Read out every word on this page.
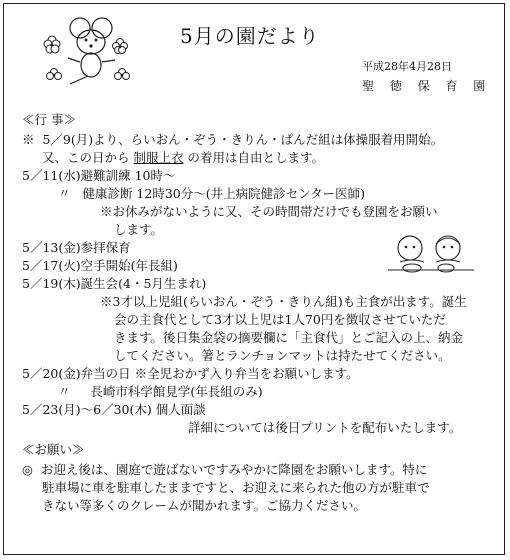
5月の園だより
平成28年4月28日
聖 徳 保 育 園
≪行 事≫
※ 5／9(月)より、らいおん・ぞう・きりん・ぱんだ組は体操服着用開始。
又、この日から 制服上衣 の着用は自由とします。
5／11(水)避難訓練 10時～
〃 健康診断 12時30分～(井上病院健診センター医師)
※お休みがないように又、その時間帯だけでも登園をお願い
します。
5／13(金)参拝保育
5／17(火)空手開始(年長組)
5／19(木)誕生会(4・5月生まれ)
※3才以上児組(らいおん・ぞう・きりん組)も主食が出ます。誕生
会の主食代として3才以上児は1人70円を徴収させていただ
きます。後日集金袋の摘要欄に「主食代」とご記入の上、納金
してください。箸とランチョンマットは持たせてください。
5／20(金)弁当の日 ※全児おかず入り弁当をお願いします。
〃 長崎市科学館見学(年長組のみ)
5／23(月)～6／30(木) 個人面談
詳細については後日プリントを配布いたします。
≪お願い≫
◎ お迎え後は、園庭で遊ばないですみやかに降園をお願いします。特に
駐車場に車を駐車したままですと、お迎えに来られた他の方が駐車で
きない等多くのクレームが聞かれます。ご協力ください。
